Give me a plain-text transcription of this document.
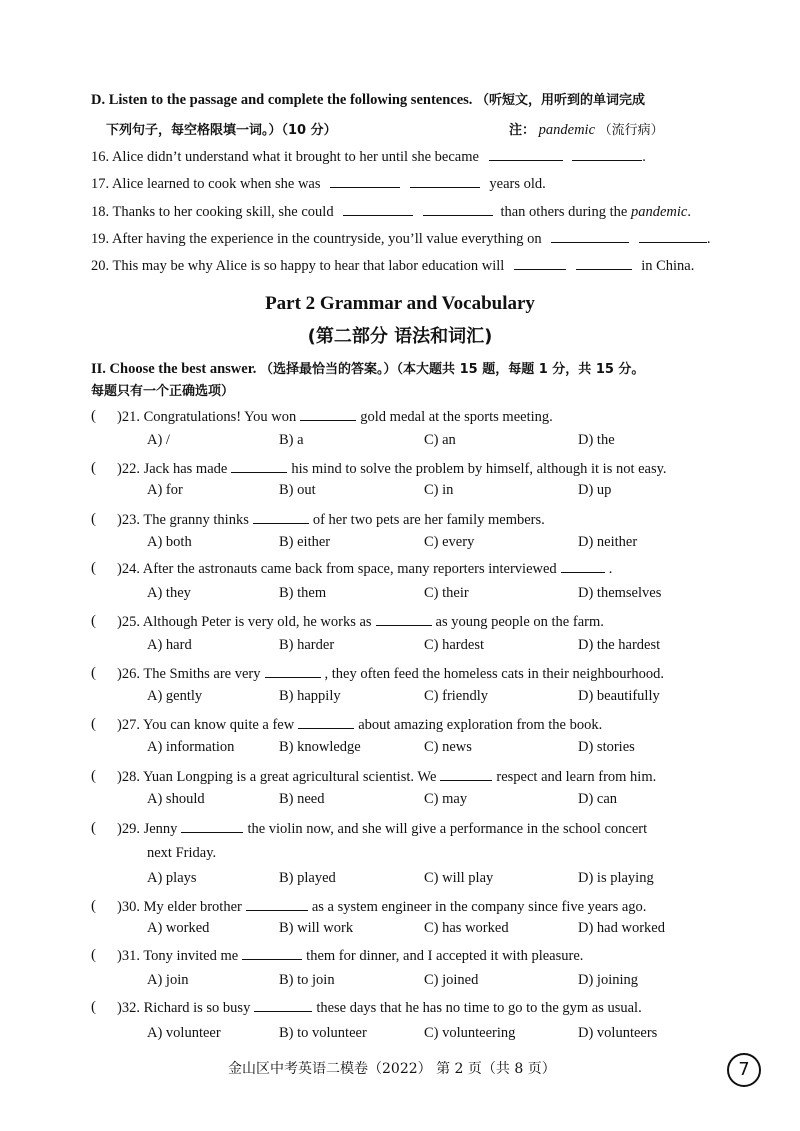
D. Listen to the passage and complete the following sentences. （听短文，用听到的单词完成
下列句子，每空格限填一词。）（10 分）	注： pandemic （流行病）
16. Alice didn’t understand what it brought to her until she became	.
17. Alice learned to cook when she was	years old.
18. Thanks to her cooking skill, she could	than others during the pandemic.
19. After having the experience in the countryside, you’ll value everything on	.
20. This may be why Alice is so happy to hear that labor education will	in China.
Part 2 Grammar and Vocabulary
(第二部分 语法和词汇)
II. Choose the best answer. （选择最恰当的答案。）（本大题共 15 题，每题 1 分，共 15 分。
每题只有一个正确选项）
( )21. Congratulations! You won	gold medal at the sports meeting.
A) /	B) a	C) an	D) the
( )22. Jack has made	his mind to solve the problem by himself, although it is not easy.
A) for	B) out	C) in	D) up
( )23. The granny thinks	of her two pets are her family members.
A) both	B) either	C) every	D) neither
( )24. After the astronauts came back from space, many reporters interviewed	.
A) they	B) them	C) their	D) themselves
( )25. Although Peter is very old, he works as	as young people on the farm.
A) hard	B) harder	C) hardest	D) the hardest
( )26. The Smiths are very	, they often feed the homeless cats in their neighbourhood.
A) gently	B) happily	C) friendly	D) beautifully
( )27. You can know quite a few	about amazing exploration from the book.
A) information	B) knowledge	C) news	D) stories
( )28. Yuan Longping is a great agricultural scientist. We	respect and learn from him.
A) should	B) need	C) may	D) can
( )29. Jenny	the violin now, and she will give a performance in the school concert
next Friday.
A) plays	B) played	C) will play	D) is playing
( )30. My elder brother	as a system engineer in the company since five years ago.
A) worked	B) will work	C) has worked	D) had worked
( )31. Tony invited me	them for dinner, and I accepted it with pleasure.
A) join	B) to join	C) joined	D) joining
( )32. Richard is so busy	these days that he has no time to go to the gym as usual.
A) volunteer	B) to volunteer	C) volunteering	D) volunteers
金山区中考英语二模卷（2022） 第 2 页（共 8 页）	7
